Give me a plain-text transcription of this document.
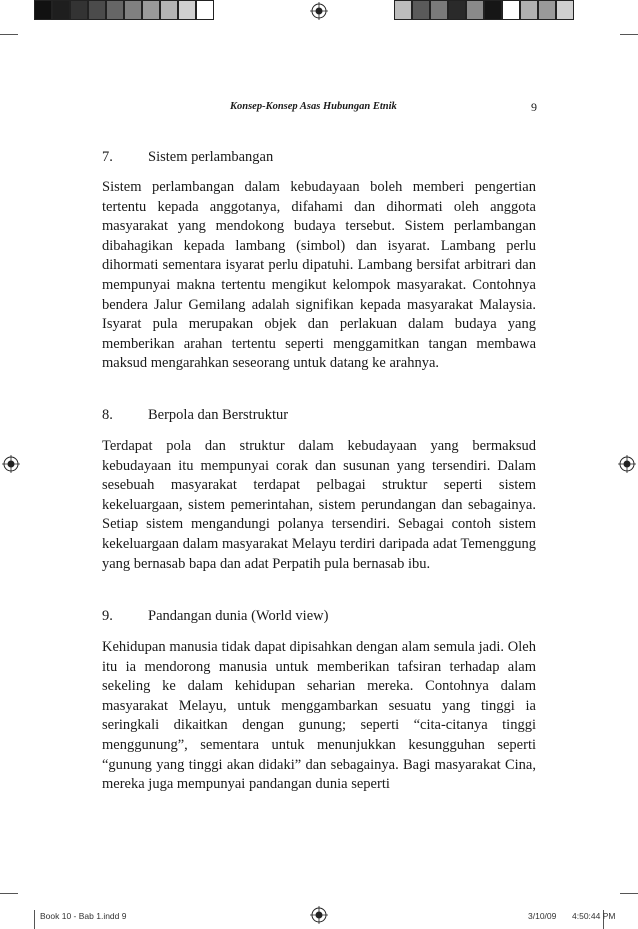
Konsep-Konsep Asas Hubungan Etnik	9
7. Sistem perlambangan

Sistem perlambangan dalam kebudayaan boleh memberi pengertian tertentu kepada anggotanya, difahami dan dihormati oleh anggota masyarakat yang mendokong budaya tersebut. Sistem perlambangan dibahagikan kepada lambang (simbol) dan isyarat. Lambang perlu dihormati sementara isyarat perlu dipatuhi. Lambang bersifat arbitrari dan mempunyai makna tertentu mengikut kelompok masyarakat. Contohnya bendera Jalur Gemilang adalah signifikan kepada masyarakat Malaysia. Isyarat pula merupakan objek dan perlakuan dalam budaya yang memberikan arahan tertentu seperti menggamitkan tangan membawa maksud mengarahkan seseorang untuk datang ke arahnya.

8. Berpola dan Berstruktur

Terdapat pola dan struktur dalam kebudayaan yang bermaksud kebudayaan itu mempunyai corak dan susunan yang tersendiri. Dalam sesebuah masyarakat terdapat pelbagai struktur seperti sistem kekeluargaan, sistem pemerintahan, sistem perundangan dan sebagainya. Setiap sistem mengandungi polanya tersendiri. Sebagai contoh sistem kekeluargaan dalam masyarakat Melayu terdiri daripada adat Temenggung yang bernasab bapa dan adat Perpatih pula bernasab ibu.

9. Pandangan dunia (World view)

Kehidupan manusia tidak dapat dipisahkan dengan alam semula jadi. Oleh itu ia mendorong manusia untuk memberikan tafsiran terhadap alam sekeling ke dalam kehidupan seharian mereka. Contohnya dalam masyarakat Melayu, untuk menggambarkan sesuatu yang tinggi ia seringkali dikaitkan dengan gunung; seperti “cita-citanya tinggi menggunung”, sementara untuk menunjukkan kesungguhan seperti “gunung yang tinggi akan didaki” dan sebagainya. Bagi masyarakat Cina, mereka juga mempunyai pandangan dunia seperti

Book 10 - Bab 1.indd 9	3/10/09 4:50:44 PM
